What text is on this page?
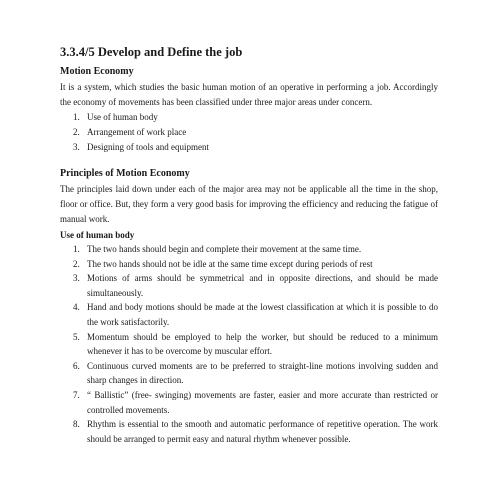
3.3.4/5 Develop and Define the job
Motion Economy

It is a system, which studies the basic human motion of an operative in performing a job. Accordingly the economy of movements has been classified under three major areas under concern.

1. Use of human body
2. Arrangement of work place
3. Designing of tools and equipment
Principles of Motion Economy

The principles laid down under each of the major area may not be applicable all the time in the shop, floor or office. But, they form a very good basis for improving the efficiency and reducing the fatigue of manual work.

Use of human body
1. The two hands should begin and complete their movement at the same time.
2. The two hands should not be idle at the same time except during periods of rest
3. Motions of arms should be symmetrical and in opposite directions, and should be made simultaneously.
4. Hand and body motions should be made at the lowest classification at which it is possible to do the work satisfactorily.
5. Momentum should be employed to help the worker, but should be reduced to a minimum whenever it has to be overcome by muscular effort.
6. Continuous curved moments are to be preferred to straight-line motions involving sudden and sharp changes in direction.
7. “ Ballistic” (free- swinging) movements are faster, easier and more accurate than restricted or controlled movements.
8. Rhythm is essential to the smooth and automatic performance of repetitive operation. The work should be arranged to permit easy and natural rhythm whenever possible.
